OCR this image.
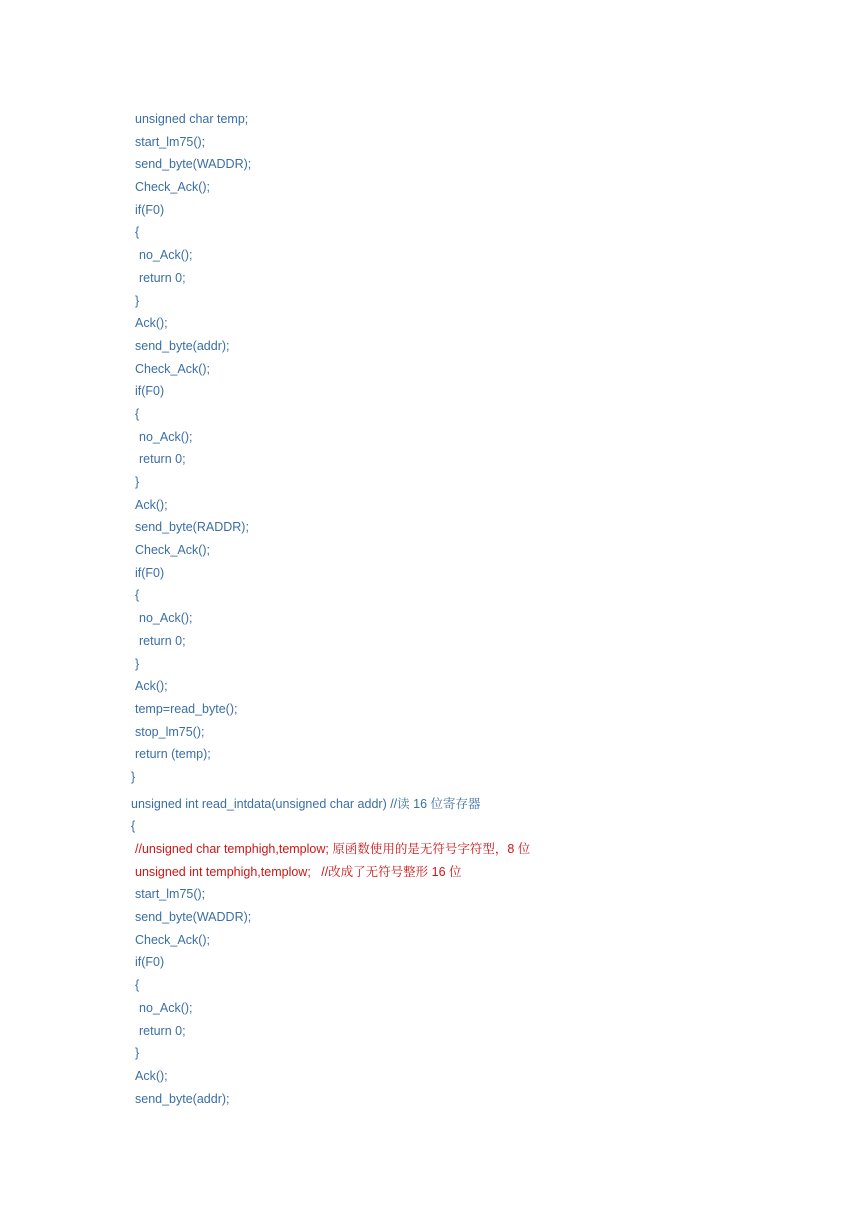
unsigned char temp;
start_lm75();
send_byte(WADDR);
Check_Ack();
if(F0)
{
no_Ack();
return 0;
}
Ack();
send_byte(addr);
Check_Ack();
if(F0)
{
no_Ack();
return 0;
}
Ack();
send_byte(RADDR);
Check_Ack();
if(F0)
{
no_Ack();
return 0;
}
Ack();
temp=read_byte();
stop_lm75();
return (temp);
}
unsigned int read_intdata(unsigned char addr) //读 16 位寄存器
{
//unsigned char temphigh,templow; 原函数使用的是无符号字符型，8 位
unsigned int temphigh,templow;   //改成了无符号整形 16 位
start_lm75();
send_byte(WADDR);
Check_Ack();
if(F0)
{
no_Ack();
return 0;
}
Ack();
send_byte(addr);
